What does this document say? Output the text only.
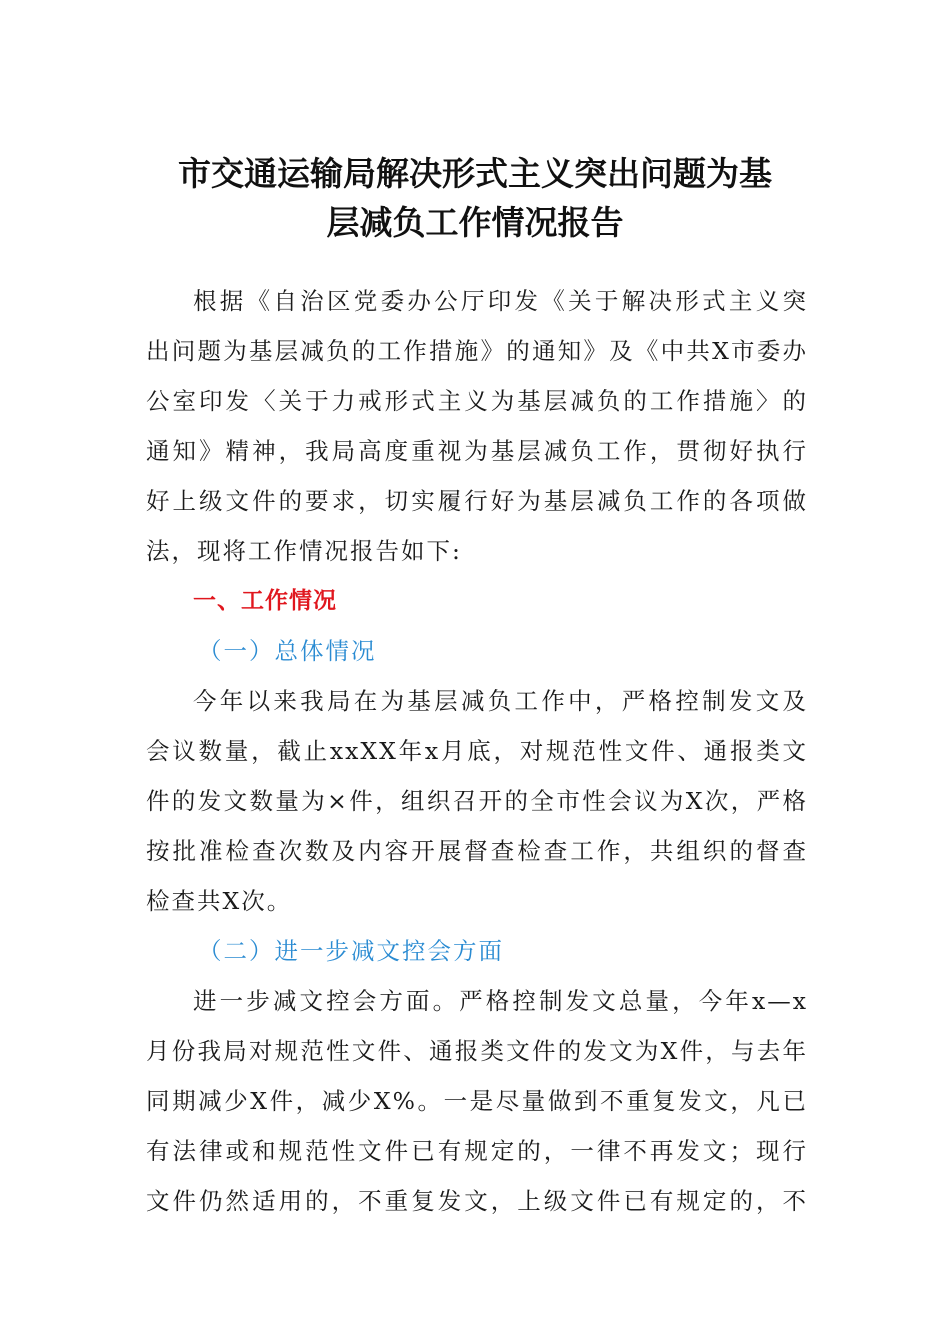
市交通运输局解决形式主义突出问题为基
层减负工作情况报告
根据《自治区党委办公厅印发《关于解决形式主义突
出问题为基层减负的工作措施》的通知》及《中共X市委办
公室印发〈关于力戒形式主义为基层减负的工作措施〉的
通知》精神，我局高度重视为基层减负工作，贯彻好执行
好上级文件的要求，切实履行好为基层减负工作的各项做
法，现将工作情况报告如下:
一、工作情况
（一）总体情况
今年以来我局在为基层减负工作中，严格控制发文及
会议数量，截止xxXX年x月底，对规范性文件、通报类文
件的发文数量为×件，组织召开的全市性会议为X次，严格
按批准检查次数及内容开展督查检查工作，共组织的督查
检查共X次。
（二）进一步减文控会方面
进一步减文控会方面。严格控制发文总量，今年x—x
月份我局对规范性文件、通报类文件的发文为X件，与去年
同期减少X件，减少X%。一是尽量做到不重复发文，凡已
有法律或和规范性文件已有规定的，一律不再发文；现行
文件仍然适用的，不重复发文，上级文件已有规定的，不
